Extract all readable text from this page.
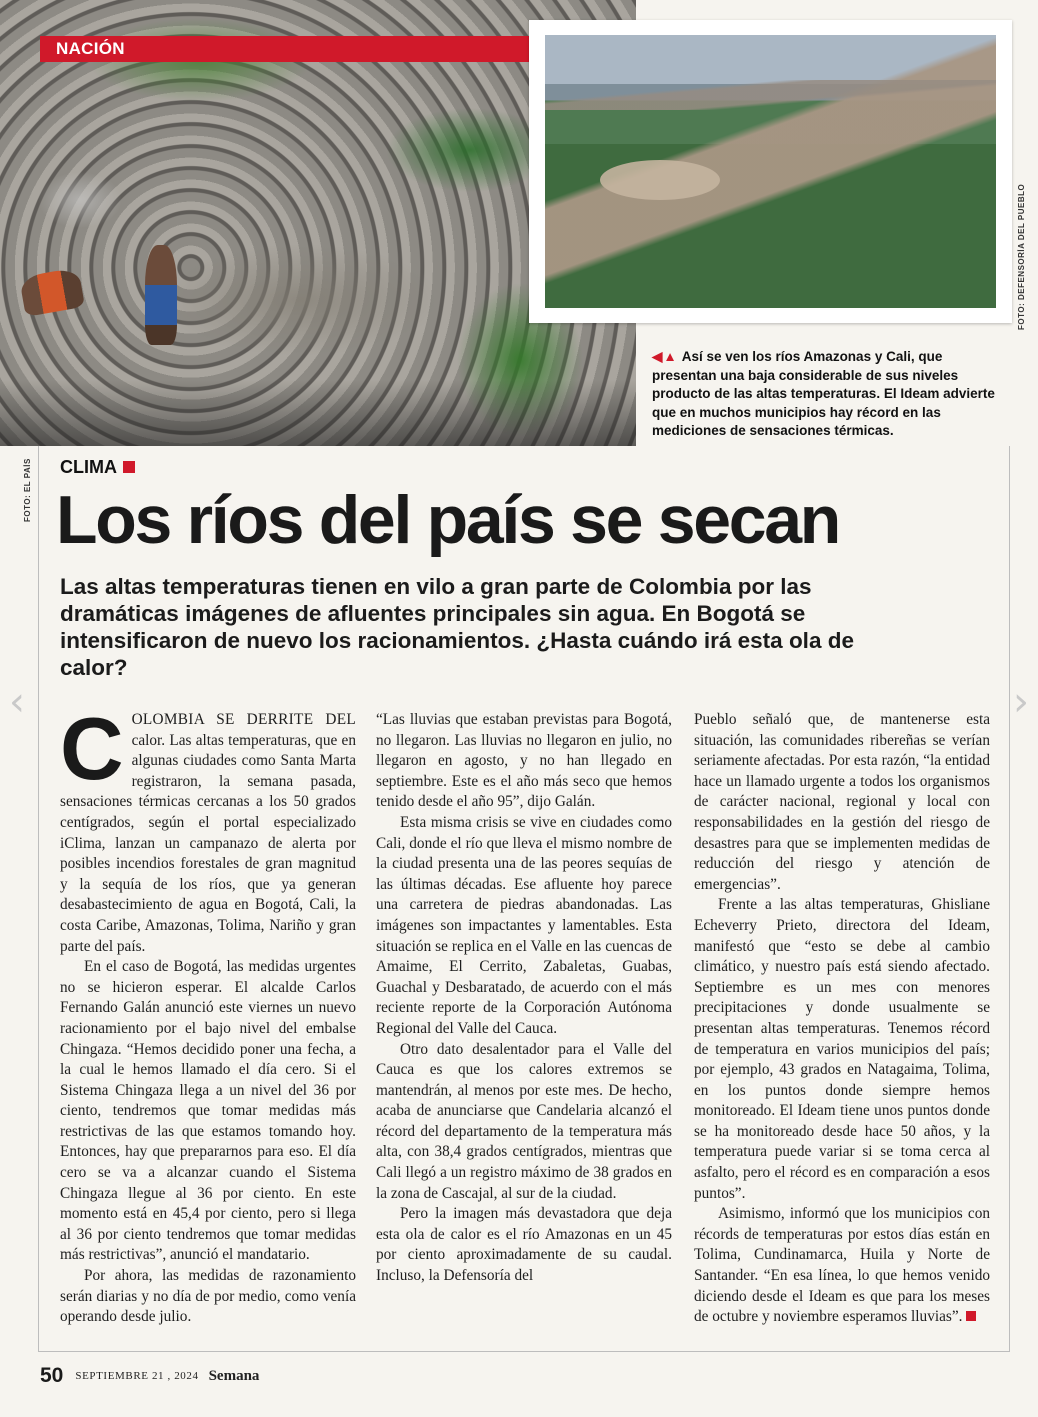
NACIÓN
FOTO: DEFENSORÍA DEL PUEBLO
FOTO: EL PAÍS
◀▲ Así se ven los ríos Amazonas y Cali, que presentan una baja considerable de sus niveles producto de las altas temperaturas. El Ideam advierte que en muchos municipios hay récord en las mediciones de sensaciones térmicas.
CLIMA
Los ríos del país se secan
Las altas temperaturas tienen en vilo a gran parte de Colombia por las dramáticas imágenes de afluentes principales sin agua. En Bogotá se intensificaron de nuevo los racionamientos. ¿Hasta cuándo irá esta ola de calor?

COLOMBIA SE DERRITE DEL calor. Las altas temperaturas, que en algunas ciudades como Santa Marta registraron, la semana pasada, sensaciones térmicas cercanas a los 50 grados centígrados, según el portal especializado iClima, lanzan un campanazo de alerta por posibles incendios forestales de gran magnitud y la sequía de los ríos, que ya generan desabastecimiento de agua en Bogotá, Cali, la costa Caribe, Amazonas, Tolima, Nariño y gran parte del país.

En el caso de Bogotá, las medidas urgentes no se hicieron esperar. El alcalde Carlos Fernando Galán anunció este viernes un nuevo racionamiento por el bajo nivel del embalse Chingaza. “Hemos decidido poner una fecha, a la cual le hemos llamado el día cero. Si el Sistema Chingaza llega a un nivel del 36 por ciento, tendremos que tomar medidas más restrictivas de las que estamos tomando hoy. Entonces, hay que prepararnos para eso. El día cero se va a alcanzar cuando el Sistema Chingaza llegue al 36 por ciento. En este momento está en 45,4 por ciento, pero si llega al 36 por ciento tendremos que tomar medidas más restrictivas”, anunció el mandatario.

Por ahora, las medidas de razonamiento serán diarias y no día de por medio, como venía operando desde julio.

“Las lluvias que estaban previstas para Bogotá, no llegaron. Las lluvias no llegaron en julio, no llegaron en agosto, y no han llegado en septiembre. Este es el año más seco que hemos tenido desde el año 95”, dijo Galán.

Esta misma crisis se vive en ciudades como Cali, donde el río que lleva el mismo nombre de la ciudad presenta una de las peores sequías de las últimas décadas. Ese afluente hoy parece una carretera de piedras abandonadas. Las imágenes son impactantes y lamentables. Esta situación se replica en el Valle en las cuencas de Amaime, El Cerrito, Zabaletas, Guabas, Guachal y Desbaratado, de acuerdo con el más reciente reporte de la Corporación Autónoma Regional del Valle del Cauca.

Otro dato desalentador para el Valle del Cauca es que los calores extremos se mantendrán, al menos por este mes. De hecho, acaba de anunciarse que Candelaria alcanzó el récord del departamento de la temperatura más alta, con 38,4 grados centígrados, mientras que Cali llegó a un registro máximo de 38 grados en la zona de Cascajal, al sur de la ciudad.

Pero la imagen más devastadora que deja esta ola de calor es el río Amazonas en un 45 por ciento aproximadamente de su caudal. Incluso, la Defensoría del

Pueblo señaló que, de mantenerse esta situación, las comunidades ribereñas se verían seriamente afectadas. Por esta razón, “la entidad hace un llamado urgente a todos los organismos de carácter nacional, regional y local con responsabilidades en la gestión del riesgo de desastres para que se implementen medidas de reducción del riesgo y atención de emergencias”.

Frente a las altas temperaturas, Ghisliane Echeverry Prieto, directora del Ideam, manifestó que “esto se debe al cambio climático, y nuestro país está siendo afectado. Septiembre es un mes con menores precipitaciones y donde usualmente se presentan altas temperaturas. Tenemos récord de temperatura en varios municipios del país; por ejemplo, 43 grados en Natagaima, Tolima, en los puntos donde siempre hemos monitoreado. El Ideam tiene unos puntos donde se ha monitoreado desde hace 50 años, y la temperatura puede variar si se toma cerca al asfalto, pero el récord es en comparación a esos puntos”.

Asimismo, informó que los municipios con récords de temperaturas por estos días están en Tolima, Cundinamarca, Huila y Norte de Santander. “En esa línea, lo que hemos venido diciendo desde el Ideam es que para los meses de octubre y noviembre esperamos lluvias”.

50 SEPTIEMBRE 21 , 2024 Semana
‹	›
